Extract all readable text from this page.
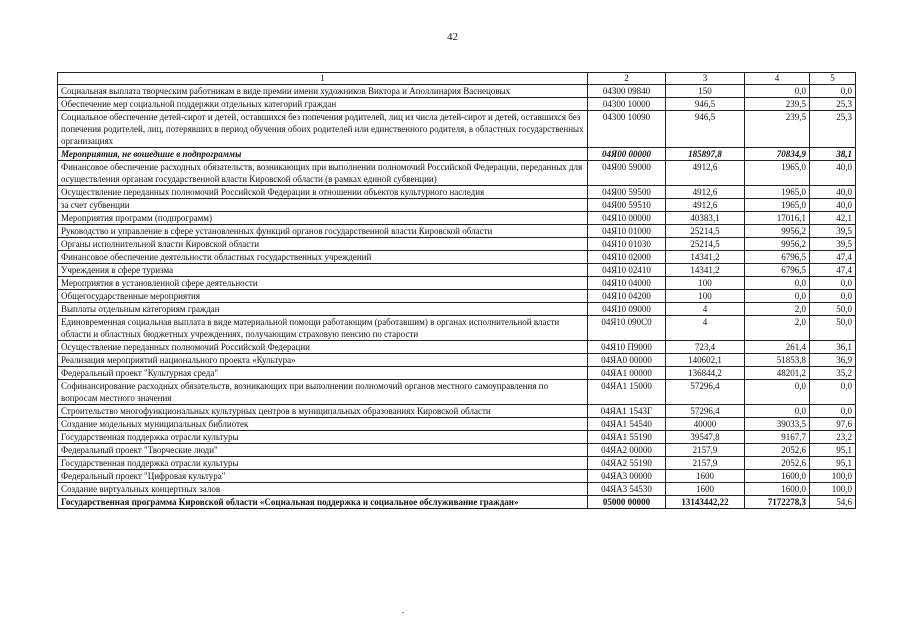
42
1	2	3	4	5
Социальная выплата творческим работникам в виде премии имени художников Виктора и Аполлинария Васнецовых	04300 09840	150	0,0	0,0
Обеспечение мер социальной поддержки отдельных категорий граждан	04300 10000	946,5	239,5	25,3
Социальное обеспечение детей-сирот и детей, оставшихся без попечения родителей, лиц из числа детей-сирот и детей, оставшихся без попечения родителей, лиц, потерявших в период обучения обоих родителей или единственного родителя, в областных государственных организациях	04300 10090	946,5	239,5	25,3
Мероприятия, не вошедшие в подпрограммы	04Я00 00000	185897,8	70834,9	38,1
Финансовое обеспечение расходных обязательств, возникающих при выполнении полномочий Российской Федерации, переданных для осуществления органам государственной власти Кировской области (в рамках единой субвенции)	04Я00 59000	4912,6	1965,0	40,0
Осуществление переданных полномочий Российской Федерации в отношении объектов культурного наследия	04Я00 59500	4912,6	1965,0	40,0
за счет субвенции	04Я00 59510	4912,6	1965,0	40,0
Мероприятия программ (подпрограмм)	04Я10 00000	40383,1	17016,1	42,1
Руководство и управление в сфере установленных функций органов государственной власти Кировской области	04Я10 01000	25214,5	9956,2	39,5
Органы исполнительной власти Кировской области	04Я10 01030	25214,5	9956,2	39,5
Финансовое обеспечение деятельности областных государственных учреждений	04Я10 02000	14341,2	6796,5	47,4
Учреждения в сфере туризма	04Я10 02410	14341,2	6796,5	47,4
Мероприятия в установленной сфере деятельности	04Я10 04000	100	0,0	0,0
Общегосударственные мероприятия	04Я10 04200	100	0,0	0,0
Выплаты отдельным категориям граждан	04Я10 09000	4	2,0	50,0
Единовременная социальная выплата в виде материальной помощи работающим (работавшим) в органах исполнительной власти области и областных бюджетных учреждениях, получающим страховую пенсию по старости	04Я10 090С0	4	2,0	50,0
Осуществление переданных полномочий Российской Федерации	04Я10 П9000	723,4	261,4	36,1
Реализация мероприятий национального проекта «Культура»	04ЯА0 00000	140602,1	51853,8	36,9
Федеральный проект "Культурная среда"	04ЯА1 00000	136844,2	48201,2	35,2
Софинансирование расходных обязательств, возникающих при выполнении полномочий органов местного самоуправления по вопросам местного значения	04ЯА1 15000	57296,4	0,0	0,0
Строительство многофункциональных культурных центров в муниципальных образованиях Кировской области	04ЯА1 1543Г	57296,4	0,0	0,0
Создание модельных муниципальных библиотек	04ЯА1 54540	40000	39033,5	97,6
Государственная поддержка отрасли культуры	04ЯА1 55190	39547,8	9167,7	23,2
Федеральный проект "Творческие люди"	04ЯА2 00000	2157,9	2052,6	95,1
Государственная поддержка отрасли культуры	04ЯА2 55190	2157,9	2052,6	95,1
Федеральный проект "Цифровая культура"	04ЯА3 00000	1600	1600,0	100,0
Создание виртуальных концертных залов	04ЯА3 54530	1600	1600,0	100,0
Государственная программа Кировской области «Социальная поддержка и социальное обслуживание граждан»	05000 00000	13143442,22	7172278,3	54,6
